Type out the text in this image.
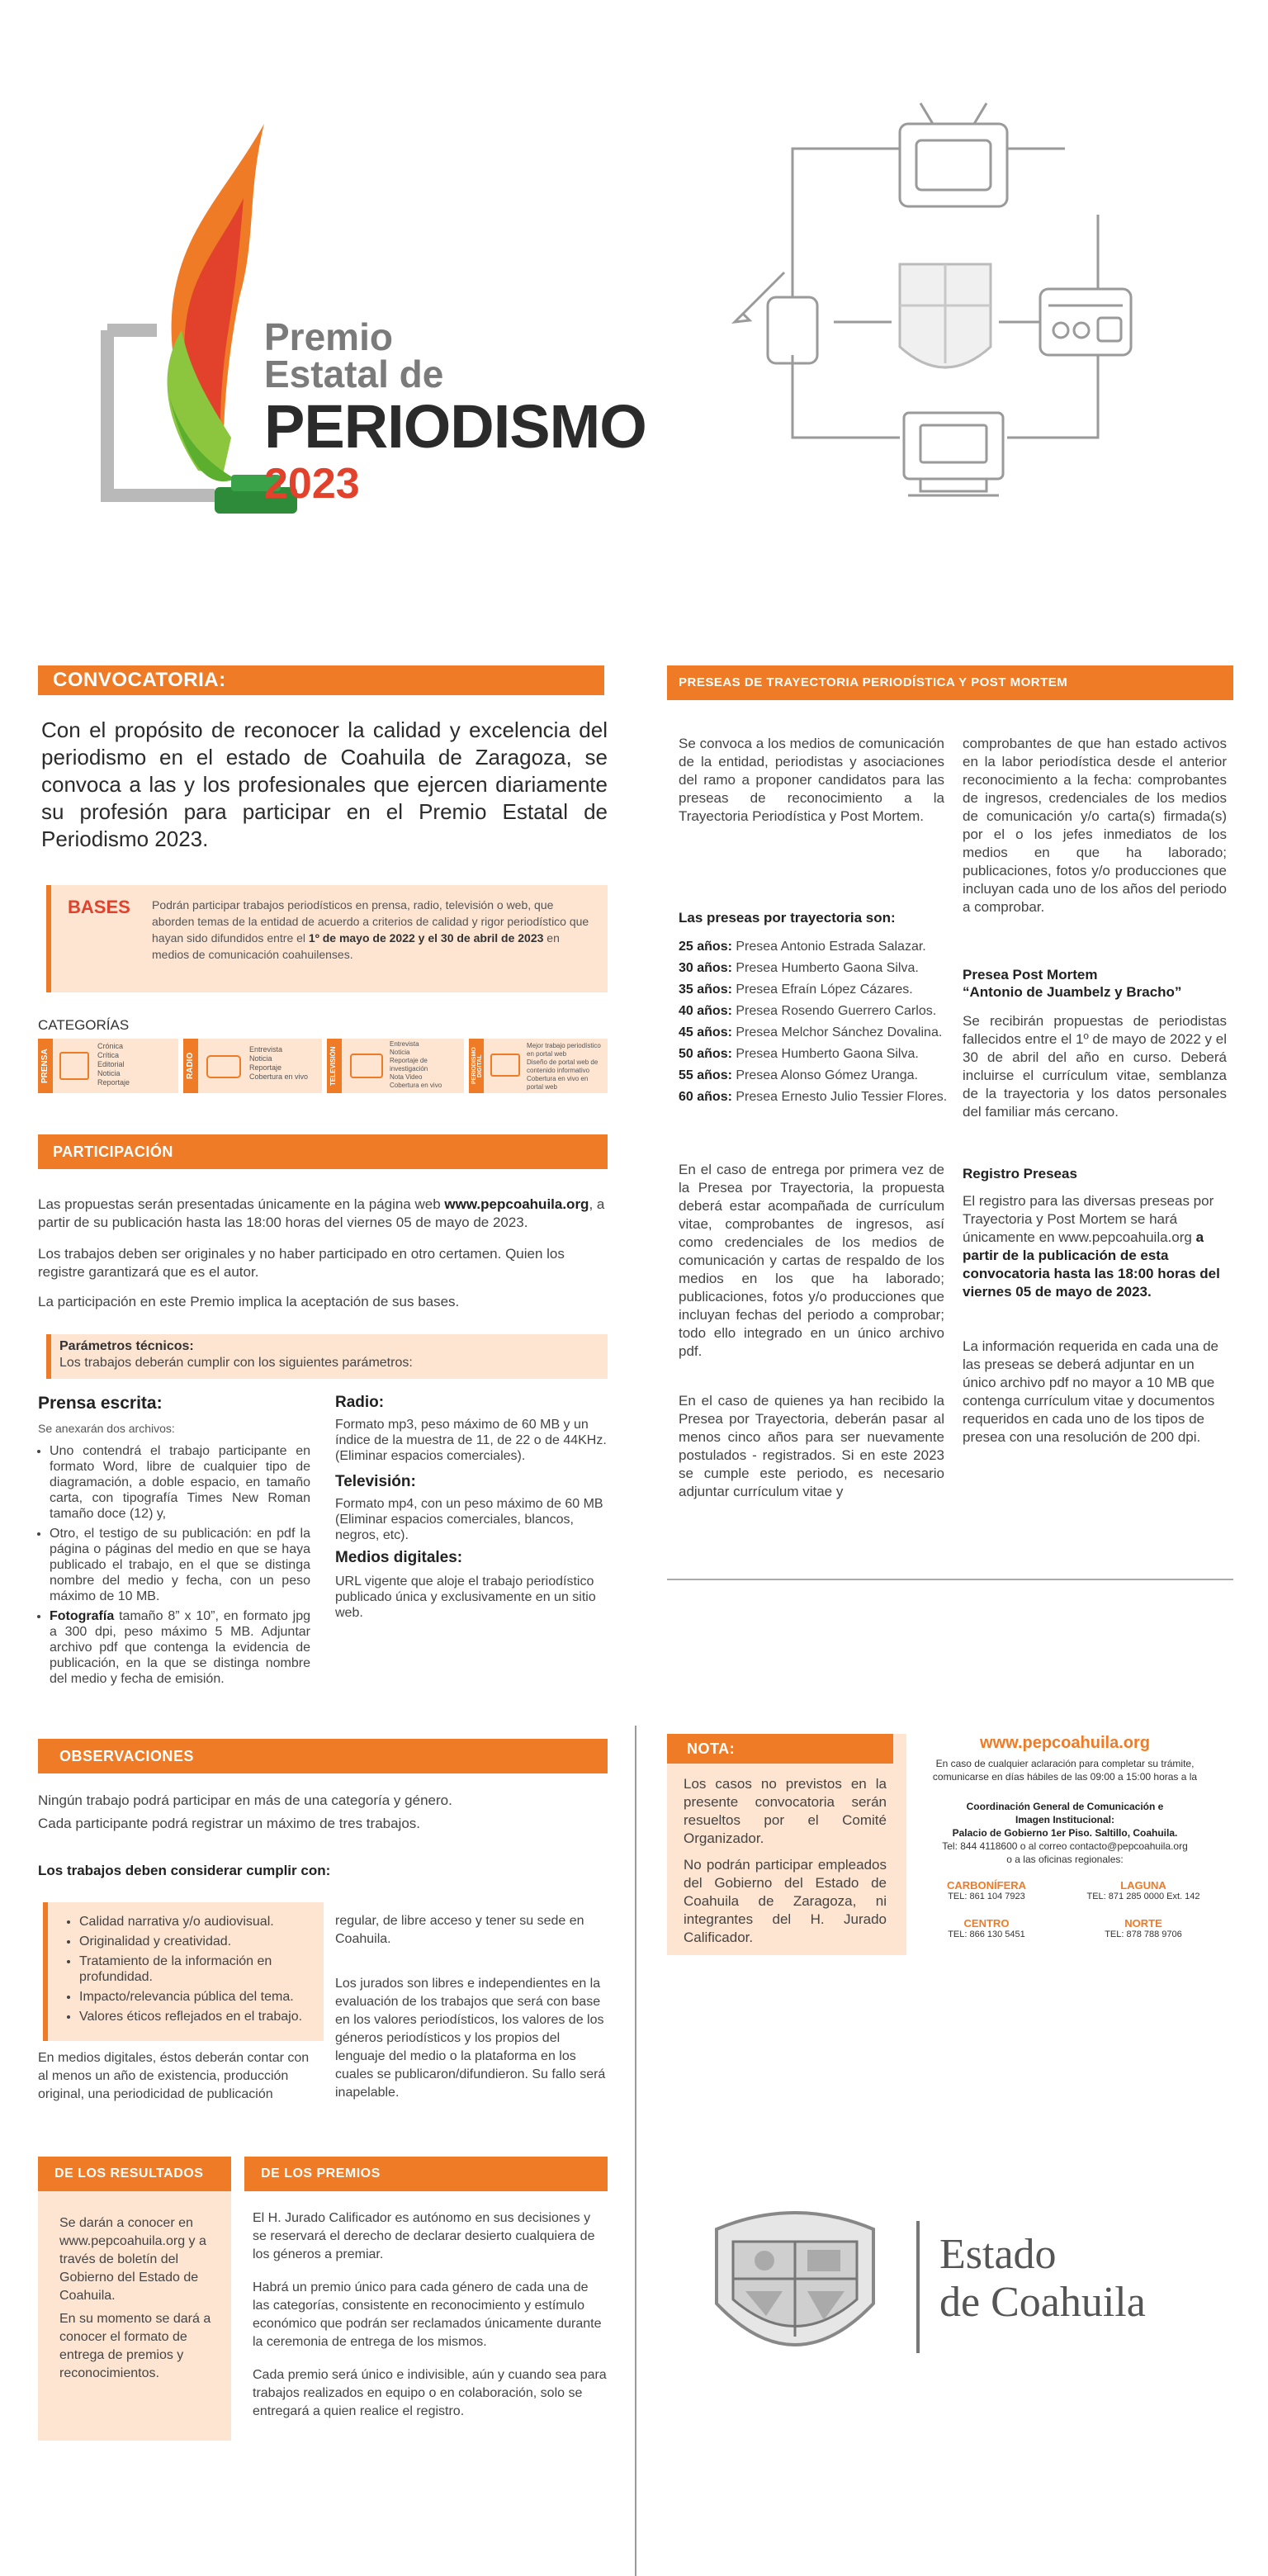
Premio
Estatal de
PERIODISMO
2023
CONVOCATORIA:
Con el propósito de reconocer la calidad y excelencia del periodismo en el estado de Coahuila de Zaragoza, se convoca a las y los profesionales que ejercen diariamente su profesión para participar en el Premio Estatal de Periodismo 2023.
BASES Podrán participar trabajos periodísticos en prensa, radio, televisión o web, que aborden temas de la entidad de acuerdo a criterios de calidad y rigor periodístico que hayan sido difundidos entre el 1º de mayo de 2022 y el 30 de abril de 2023 en medios de comunicación coahuilenses.
CATEGORÍAS
PRENSA
Crónica
Crítica
Editorial
Noticia
Reportaje
RADIO
Entrevista
Noticia
Reportaje
Cobertura en vivo	TELEVISIÓN
Entrevista
Noticia
Reportaje de investigación
Nota Video
Cobertura en vivo
PERIODISMO DIGITAL
Mejor trabajo periodístico en portal web
Diseño de portal web de contenido informativo
Cobertura en vivo en portal web
PARTICIPACIÓN
Las propuestas serán presentadas únicamente en la página web www.pepcoahuila.org, a partir de su publicación hasta las 18:00 horas del viernes 05 de mayo de 2023.
Los trabajos deben ser originales y no haber participado en otro certamen. Quien los registre garantizará que es el autor.
La participación en este Premio implica la aceptación de sus bases.
Parámetros técnicos:
Los trabajos deberán cumplir con los siguientes parámetros:
Prensa escrita:
Se anexarán dos archivos:
• Uno contendrá el trabajo participante en formato Word, libre de cualquier tipo de diagramación, a doble espacio, en tamaño carta, con tipografía Times New Roman tamaño doce (12) y,
• Otro, el testigo de su publicación: en pdf la página o páginas del medio en que se haya publicado el trabajo, en el que se distinga nombre del medio y fecha, con un peso máximo de 10 MB.
• Fotografía tamaño 8” x 10”, en formato jpg a 300 dpi, peso máximo 5 MB. Adjuntar archivo pdf que contenga la evidencia de publicación, en la que se distinga nombre del medio y fecha de emisión.
Radio:
Formato mp3, peso máximo de 60 MB y un índice de la muestra de 11, de 22 o de 44KHz. (Eliminar espacios comerciales).
Televisión:
Formato mp4, con un peso máximo de 60 MB (Eliminar espacios comerciales, blancos, negros, etc).
Medios digitales:
URL vigente que aloje el trabajo periodístico publicado única y exclusivamente en un sitio web.
PRESEAS DE TRAYECTORIA PERIODÍSTICA Y POST MORTEM
Se convoca a los medios de comunicación de la entidad, periodistas y asociaciones del ramo a proponer candidatos para las preseas de reconocimiento a la Trayectoria Periodística y Post Mortem.
Las preseas por trayectoria son:
25 años: Presea Antonio Estrada Salazar.
30 años: Presea Humberto Gaona Silva.
35 años: Presea Efraín López Cázares.
40 años: Presea Rosendo Guerrero Carlos.
45 años: Presea Melchor Sánchez Dovalina.
50 años: Presea Humberto Gaona Silva.
55 años: Presea Alonso Gómez Uranga.
60 años: Presea Ernesto Julio Tessier Flores.
En el caso de entrega por primera vez de la Presea por Trayectoria, la propuesta deberá estar acompañada de currículum vitae, comprobantes de ingresos, así como credenciales de los medios de comunicación y cartas de respaldo de los medios en los que ha laborado; publicaciones, fotos y/o producciones que incluyan fechas del periodo a comprobar; todo ello integrado en un único archivo pdf.
En el caso de quienes ya han recibido la Presea por Trayectoria, deberán pasar al menos cinco años para ser nuevamente postulados - registrados. Si en este 2023 se cumple este periodo, es necesario adjuntar currículum vitae y
comprobantes de que han estado activos en la labor periodística desde el anterior reconocimiento a la fecha: comprobantes de ingresos, credenciales de los medios de comunicación y/o carta(s) firmada(s) por el o los jefes inmediatos de los medios en que ha laborado; publicaciones, fotos y/o producciones que incluyan cada uno de los años del periodo a comprobar.
Presea Post Mortem
“Antonio de Juambelz y Bracho”
Se recibirán propuestas de periodistas fallecidos entre el 1º de mayo de 2022 y el 30 de abril del año en curso. Deberá incluirse el currículum vitae, semblanza de la trayectoria y los datos personales del familiar más cercano.
Registro Preseas
El registro para las diversas preseas por Trayectoria y Post Mortem se hará únicamente en www.pepcoahuila.org a partir de la publicación de esta convocatoria hasta las 18:00 horas del viernes 05 de mayo de 2023.
La información requerida en cada una de las preseas se deberá adjuntar en un único archivo pdf no mayor a 10 MB que contenga currículum vitae y documentos requeridos en cada uno de los tipos de presea con una resolución de 200 dpi.
OBSERVACIONES
Ningún trabajo podrá participar en más de una categoría y género.
Cada participante podrá registrar un máximo de tres trabajos.
Los trabajos deben considerar cumplir con:
• Calidad narrativa y/o audiovisual.
• Originalidad y creatividad.
• Tratamiento de la información en profundidad.
• Impacto/relevancia pública del tema.
• Valores éticos reflejados en el trabajo.
En medios digitales, éstos deberán contar con al menos un año de existencia, producción original, una periodicidad de publicación
regular, de libre acceso y tener su sede en Coahuila.
Los jurados son libres e independientes en la evaluación de los trabajos que será con base en los valores periodísticos, los valores de los géneros periodísticos y los propios del lenguaje del medio o la plataforma en los cuales se publicaron/difundieron. Su fallo será inapelable.
NOTA:
Los casos no previstos en la presente convocatoria serán resueltos por el Comité Organizador.
No podrán participar empleados del Gobierno del Estado de Coahuila de Zaragoza, ni integrantes del H. Jurado Calificador.
www.pepcoahuila.org
En caso de cualquier aclaración para completar su trámite, comunicarse en días hábiles de las 09:00 a 15:00 horas a la
Coordinación General de Comunicación e Imagen Institucional:
Palacio de Gobierno 1er Piso. Saltillo, Coahuila.
Tel: 844 4118600 o al correo contacto@pepcoahuila.org o a las oficinas regionales:
CARBONÍFERA
TEL: 861 104 7923
LAGUNA
TEL: 871 285 0000 Ext. 142
CENTRO
TEL: 866 130 5451
NORTE
TEL: 878 788 9706
DE LOS RESULTADOS
Se darán a conocer en www.pepcoahuila.org y a través de boletín del Gobierno del Estado de Coahuila.
En su momento se dará a conocer el formato de entrega de premios y reconocimientos.
DE LOS PREMIOS
El H. Jurado Calificador es autónomo en sus decisiones y se reservará el derecho de declarar desierto cualquiera de los géneros a premiar.
Habrá un premio único para cada género de cada una de las categorías, consistente en reconocimiento y estímulo económico que podrán ser reclamados únicamente durante la ceremonia de entrega de los mismos.
Cada premio será único e indivisible, aún y cuando sea para trabajos realizados en equipo o en colaboración, solo se entregará a quien realice el registro.
Estado
de Coahuila
